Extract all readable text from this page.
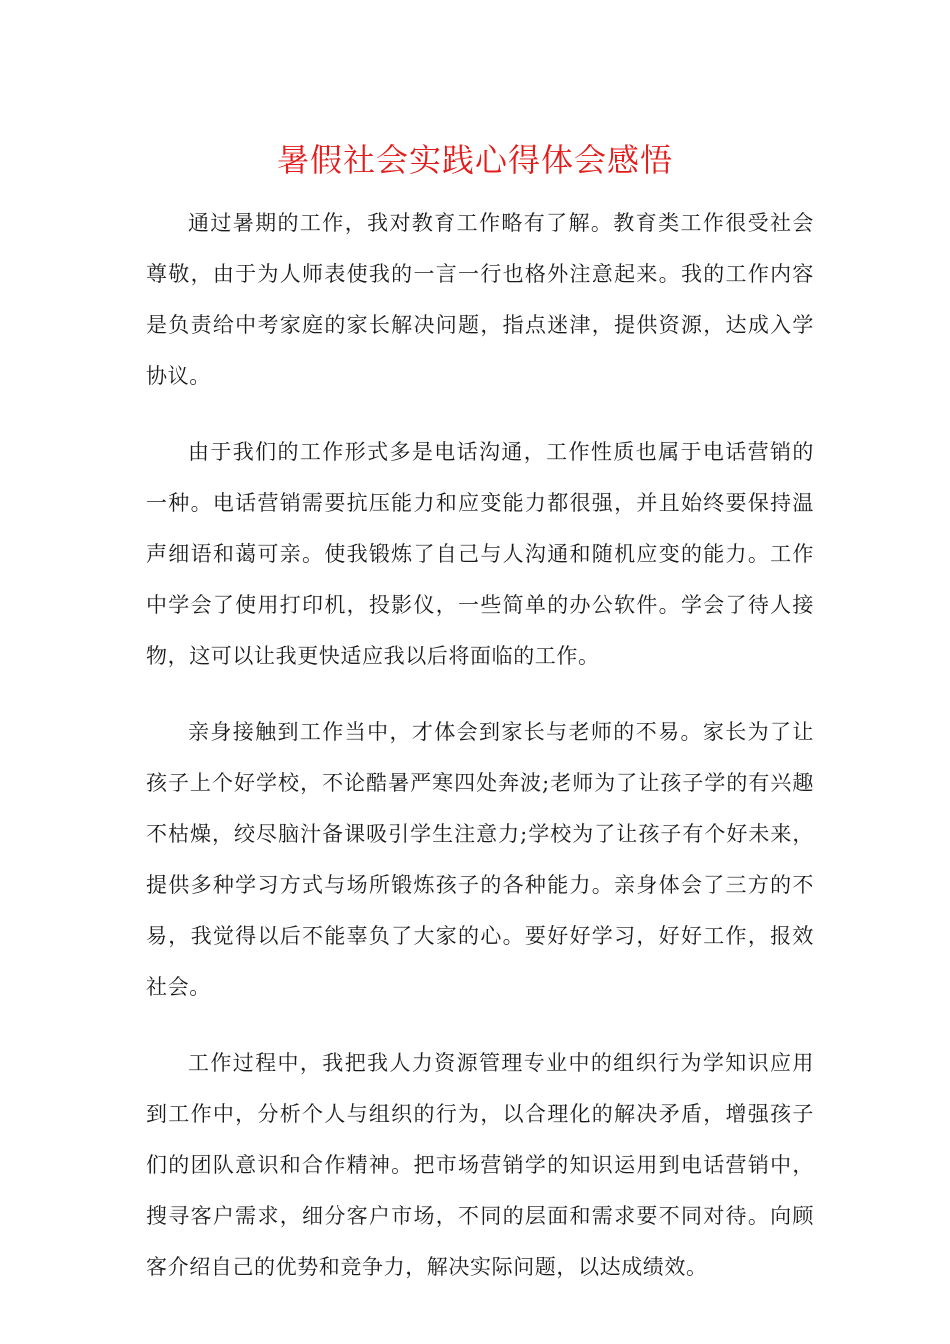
暑假社会实践心得体会感悟

通过暑期的工作，我对教育工作略有了解。教育类工作很受社会尊敬，由于为人师表使我的一言一行也格外注意起来。我的工作内容是负责给中考家庭的家长解决问题，指点迷津，提供资源，达成入学协议。

由于我们的工作形式多是电话沟通，工作性质也属于电话营销的一种。电话营销需要抗压能力和应变能力都很强，并且始终要保持温声细语和蔼可亲。使我锻炼了自己与人沟通和随机应变的能力。工作中学会了使用打印机，投影仪，一些简单的办公软件。学会了待人接物，这可以让我更快适应我以后将面临的工作。

亲身接触到工作当中，才体会到家长与老师的不易。家长为了让孩子上个好学校，不论酷暑严寒四处奔波;老师为了让孩子学的有兴趣不枯燥，绞尽脑汁备课吸引学生注意力;学校为了让孩子有个好未来，提供多种学习方式与场所锻炼孩子的各种能力。亲身体会了三方的不易，我觉得以后不能辜负了大家的心。要好好学习，好好工作，报效社会。

工作过程中，我把我人力资源管理专业中的组织行为学知识应用到工作中，分析个人与组织的行为，以合理化的解决矛盾，增强孩子们的团队意识和合作精神。把市场营销学的知识运用到电话营销中，搜寻客户需求，细分客户市场，不同的层面和需求要不同对待。向顾客介绍自己的优势和竞争力，解决实际问题，以达成绩效。
